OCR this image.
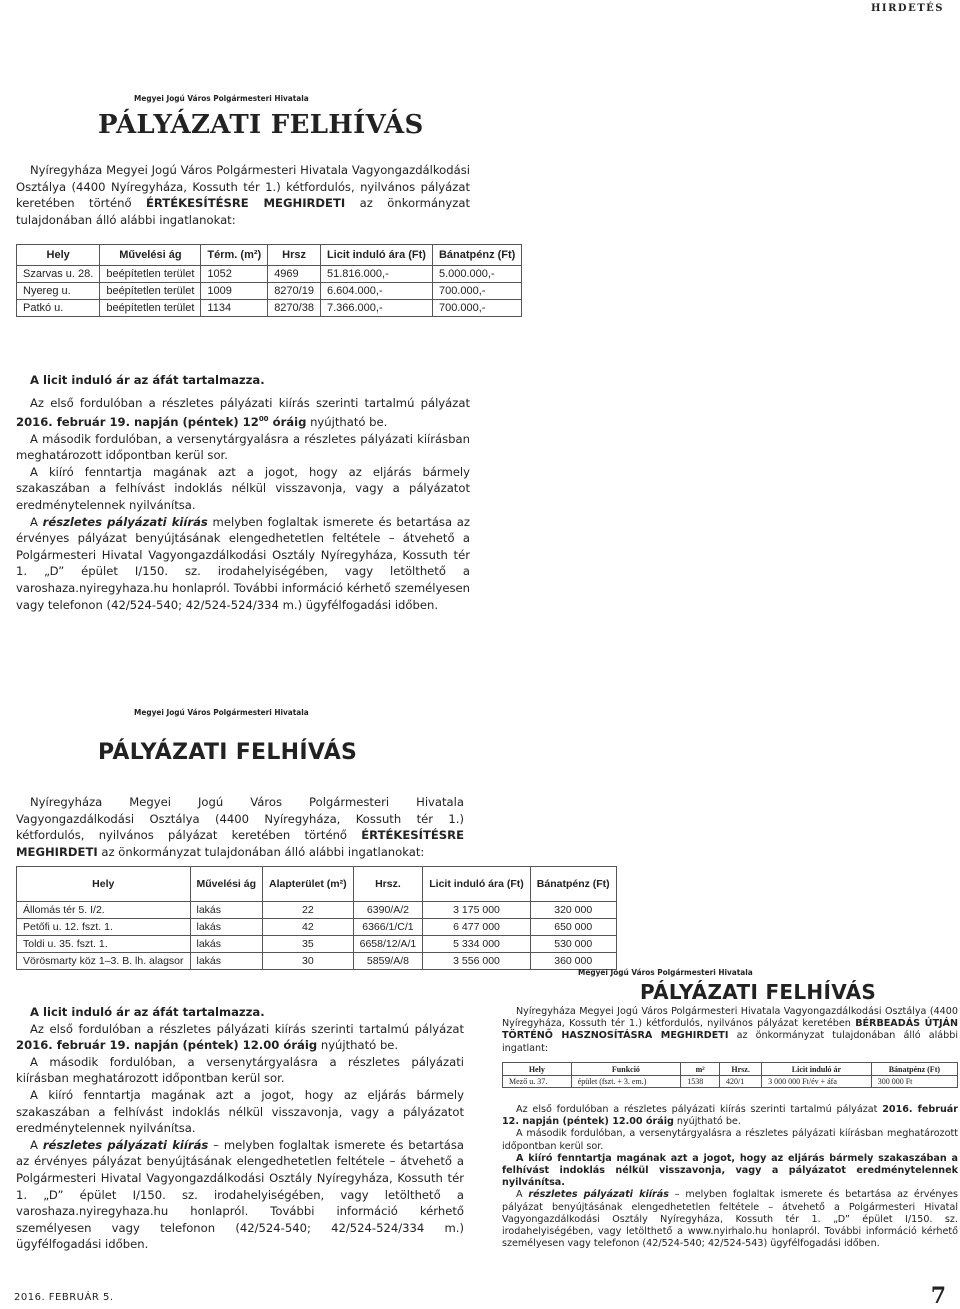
HIRDETÉS
Megyei Jogú Város Polgármesteri Hivatala
PÁLYÁZATI FELHÍVÁS

Nyíregyháza Megyei Jogú Város Polgármesteri Hivatala Vagyongazdálkodási Osztálya (4400 Nyíregyháza, Kossuth tér 1.) kétfordulós, nyilvános pályázat keretében történő ÉRTÉKESÍTÉSRE MEGHIRDETI az önkormányzat tulajdonában álló alábbi ingatlanokat:

Hely	Művelési ág	Térm. (m²)	Hrsz	Licit induló ára (Ft)	Bánatpénz (Ft)
Szarvas u. 28.	beépítetlen terület	1052	4969	51.816.000,-	5.000.000,-
Nyereg u.	beépítetlen terület	1009	8270/19	6.604.000,-	700.000,-
Patkó u.	beépítetlen terület	1134	8270/38	7.366.000,-	700.000,-

A licit induló ár az áfát tartalmazza.

Az első fordulóban a részletes pályázati kiírás szerinti tartalmú pályázat 2016. február 19. napján (péntek) $12^{00}$ óráig nyújtható be.

A második fordulóban, a versenytárgyalásra a részletes pályázati kiírásban meghatározott időpontban kerül sor.

A kiíró fenntartja magának azt a jogot, hogy az eljárás bármely szakaszában a felhívást indoklás nélkül visszavonja, vagy a pályázatot eredménytelennek nyilvánítsa.

A részletes pályázati kiírás melyben foglaltak ismerete és betartása az érvényes pályázat benyújtásának elengedhetetlen feltétele – átvehető a Polgármesteri Hivatal Vagyongazdálkodási Osztály Nyíregyháza, Kossuth tér 1. „D” épület I/150. sz. irodahelyiségében, vagy letölthető a varoshaza.nyiregyhaza.hu honlapról. További információ kérhető személyesen vagy telefonon (42/524-540; 42/524-524/334 m.) ügyfélfogadási időben.

Megyei Jogú Város Polgármesteri Hivatala
PÁLYÁZATI FELHÍVÁS

Nyíregyháza Megyei Jogú Város Polgármesteri Hivatala Vagyongazdálkodási Osztálya (4400 Nyíregyháza, Kossuth tér 1.) kétfordulós, nyilvános pályázat keretében történő ÉRTÉKESÍTÉSRE MEGHIRDETI az önkormányzat tulajdonában álló alábbi ingatlanokat:

Hely	Művelési ág	Alapterület (m²)	Hrsz.	Licit induló ára (Ft)	Bánatpénz (Ft)
Állomás tér 5. I/2.	lakás	22	6390/A/2	3 175 000	320 000
Petőfi u. 12. fszt. 1.	lakás	42	6366/1/C/1	6 477 000	650 000
Toldi u. 35. fszt. 1.	lakás	35	6658/12/A/1	5 334 000	530 000
Vörösmarty köz 1–3. B. lh. alagsor	lakás	30	5859/A/8	3 556 000	360 000

A licit induló ár az áfát tartalmazza.

Az első fordulóban a részletes pályázati kiírás szerinti tartalmú pályázat 2016. február 19. napján (péntek) 12.00 óráig nyújtható be.

A második fordulóban, a versenytárgyalásra a részletes pályázati kiírásban meghatározott időpontban kerül sor.

A kiíró fenntartja magának azt a jogot, hogy az eljárás bármely szakaszában a felhívást indoklás nélkül visszavonja, vagy a pályázatot eredménytelennek nyilvánítsa.

A részletes pályázati kiírás – melyben foglaltak ismerete és betartása az érvényes pályázat benyújtásának elengedhetetlen feltétele – átvehető a Polgármesteri Hivatal Vagyongazdálkodási Osztály Nyíregyháza, Kossuth tér 1. „D” épület I/150. sz. irodahelyiségében, vagy letölthető a varoshaza.nyiregyhaza.hu honlapról. További információ kérhető személyesen vagy telefonon (42/524-540; 42/524-524/334 m.) ügyfélfogadási időben.

Megyei Jogú Város Polgármesteri Hivatala
PÁLYÁZATI FELHÍVÁS

Nyíregyháza Megyei Jogú Város Polgármesteri Hivatala Vagyongazdálkodási Osztálya (4400 Nyíregyháza, Kossuth tér 1.) kétfordulós, nyilvános pályázat keretében BÉRBEADÁS ÚTJÁN TÖRTÉNŐ HASZNOSÍTÁSRA MEGHIRDETI az önkormányzat tulajdonában álló alábbi ingatlant:

Hely	Funkció	m²	Hrsz.	Licit induló ár	Bánatpénz (Ft)
Mező u. 37.	épület (fszt. + 3. em.)	1538	420/1	3 000 000 Ft/év + áfa	300 000 Ft

Az első fordulóban a részletes pályázati kiírás szerinti tartalmú pályázat 2016. február 12. napján (péntek) 12.00 óráig nyújtható be.

A második fordulóban, a versenytárgyalásra a részletes pályázati kiírásban meghatározott időpontban kerül sor.

A kiíró fenntartja magának azt a jogot, hogy az eljárás bármely szakaszában a felhívást indoklás nélkül visszavonja, vagy a pályázatot eredménytelennek nyilvánítsa.

A részletes pályázati kiírás – melyben foglaltak ismerete és betartása az érvényes pályázat benyújtásának elengedhetetlen feltétele – átvehető a Polgármesteri Hivatal Vagyongazdálkodási Osztály Nyíregyháza, Kossuth tér 1. „D” épület I/150. sz. irodahelyiségében, vagy letölthető a www.nyirhalo.hu honlapról. További információ kérhető személyesen vagy telefonon (42/524-540; 42/524-543) ügyfélfogadási időben.

2016. FEBRUÁR 5.	7
